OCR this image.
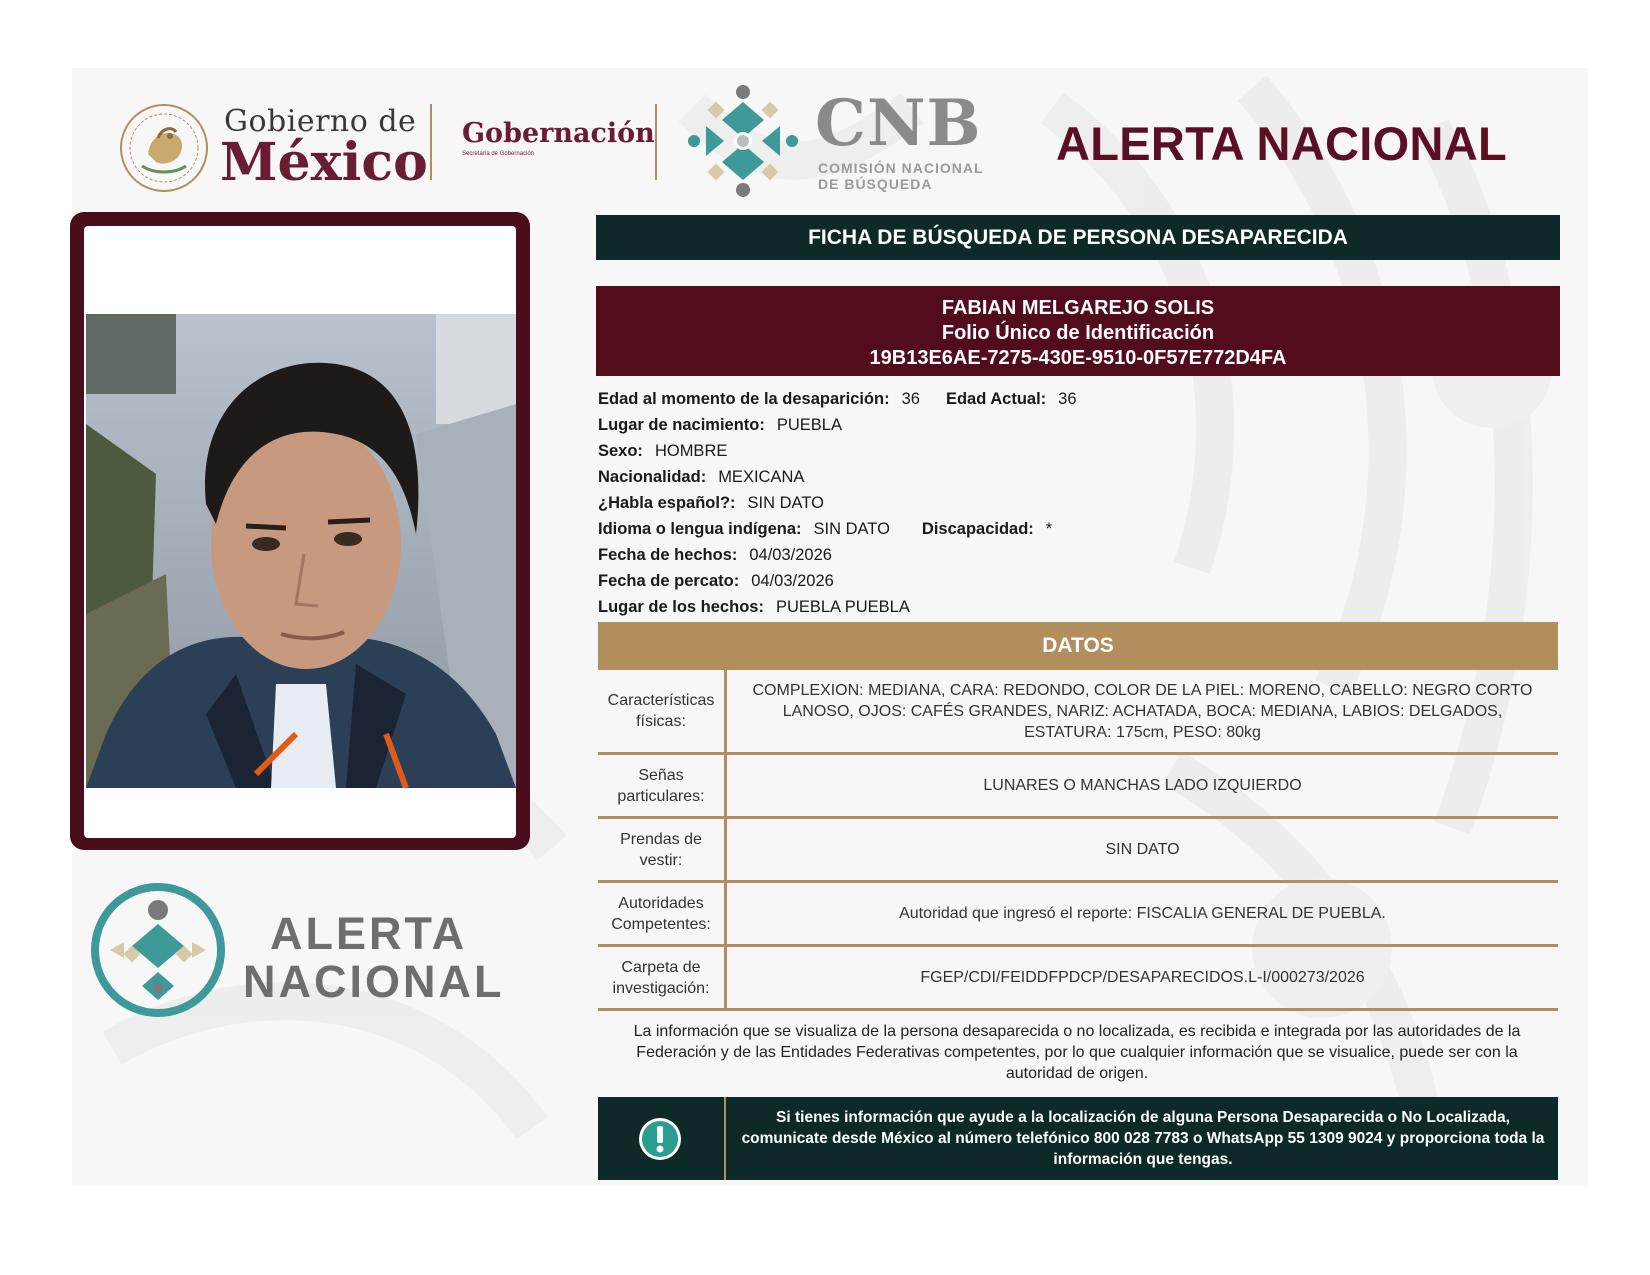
Gobierno de
México Gobernación
Secretaría de Gobernación	CNB
COMISIÓN NACIONAL
DE BÚSQUEDA
ALERTA NACIONAL
ALERTA
NACIONAL
FICHA DE BÚSQUEDA DE PERSONA DESAPARECIDA
FABIAN MELGAREJO SOLIS
Folio Único de Identificación
19B13E6AE-7275-430E-9510-0F57E772D4FA
Edad al momento de la desaparición: 36 Edad Actual: 36
Lugar de nacimiento: PUEBLA
Sexo: HOMBRE
Nacionalidad: MEXICANA
¿Habla español?: SIN DATO
Idioma o lengua indígena: SIN DATO Discapacidad: *
Fecha de hechos: 04/03/2026
Fecha de percato: 04/03/2026
Lugar de los hechos: PUEBLA PUEBLA
DATOS
Características físicas:
COMPLEXION: MEDIANA, CARA: REDONDO, COLOR DE LA PIEL: MORENO, CABELLO: NEGRO CORTO LANOSO, OJOS: CAFÉS GRANDES, NARIZ: ACHATADA, BOCA: MEDIANA, LABIOS: DELGADOS, ESTATURA: 175cm, PESO: 80kg
Señas particulares:
LUNARES O MANCHAS LADO IZQUIERDO
Prendas de vestir:
SIN DATO
Autoridades Competentes:
Autoridad que ingresó el reporte: FISCALIA GENERAL DE PUEBLA.
Carpeta de investigación:
FGEP/CDI/FEIDDFPDCP/DESAPARECIDOS.L-I/000273/2026
La información que se visualiza de la persona desaparecida o no localizada, es recibida e integrada por las autoridades de la Federación y de las Entidades Federativas competentes, por lo que cualquier información que se visualice, puede ser con la autoridad de origen.
Si tienes información que ayude a la localización de alguna Persona Desaparecida o No Localizada, comunicate desde México al número telefónico 800 028 7783 o WhatsApp 55 1309 9024 y proporciona toda la información que tengas.
